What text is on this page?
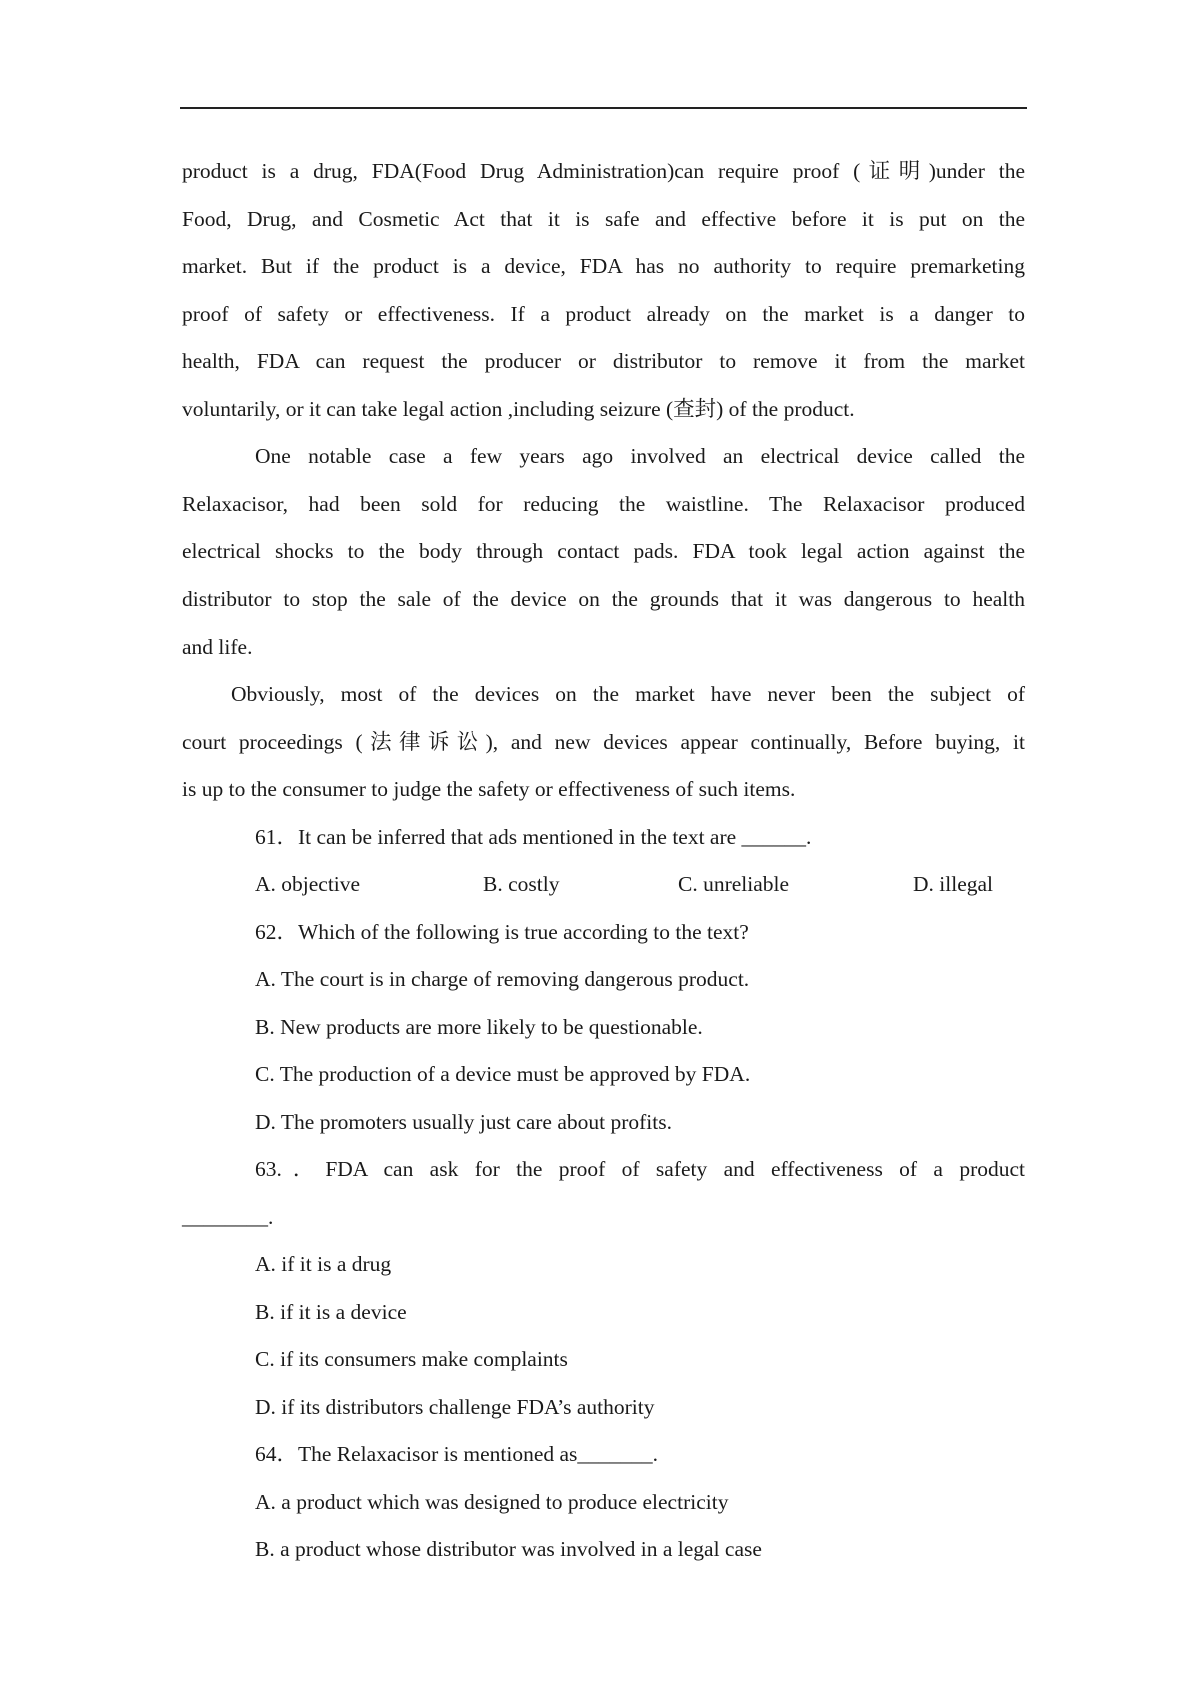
product is a drug, FDA(Food Drug Administration)can require proof (证明)under the
Food, Drug, and Cosmetic Act that it is safe and effective before it is put on the
market. But if the product is a device, FDA has no authority to require premarketing
proof of safety or effectiveness. If a product already on the market is a danger to
health, FDA can request the producer or distributor to remove it from the market
voluntarily, or it can take legal action ,including seizure (查封) of the product.
One notable case a few years ago involved an electrical device called the
Relaxacisor, had been sold for reducing the waistline. The Relaxacisor produced
electrical shocks to the body through contact pads. FDA took legal action against the
distributor to stop the sale of the device on the grounds that it was dangerous to health
and life.
Obviously, most of the devices on the market have never been the subject of
court proceedings (法律诉讼), and new devices appear continually, Before buying, it
is up to the consumer to judge the safety or effectiveness of such items.
61．It can be inferred that ads mentioned in the text are ______.
A. objective	B. costly	C. unreliable	D. illegal
62．Which of the following is true according to the text?
A. The court is in charge of removing dangerous product.
B. New products are more likely to be questionable.
C. The production of a device must be approved by FDA.
D. The promoters usually just care about profits.
63.．FDA can ask for the proof of safety and effectiveness of a product
________.
A. if it is a drug
B. if it is a device
C. if its consumers make complaints
D. if its distributors challenge FDA’s authority
64．The Relaxacisor is mentioned as_______.
A. a product which was designed to produce electricity
B. a product whose distributor was involved in a legal case
